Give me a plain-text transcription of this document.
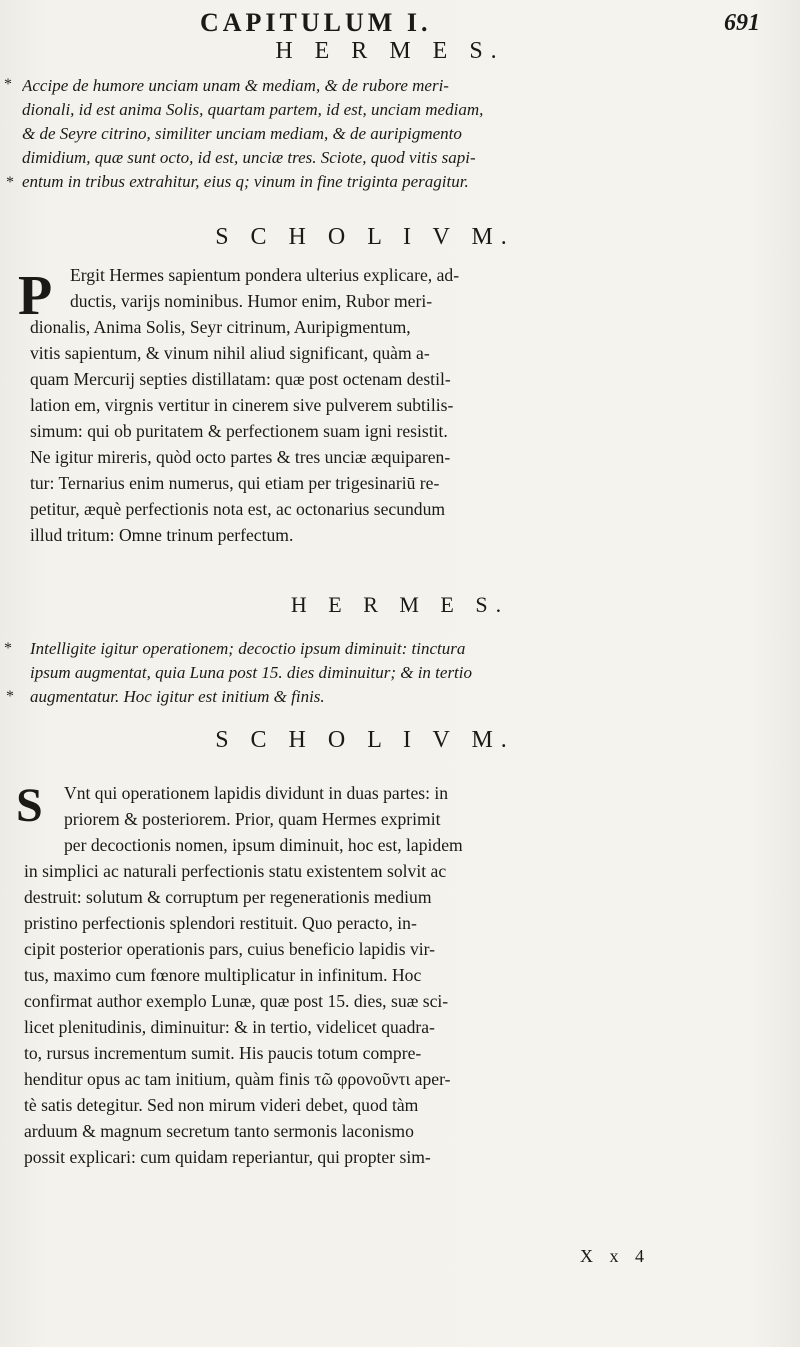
CAPITULUM I.	691
H E R M E S.
Accipe de humore unciam unam & mediam, & de rubore meri-
dionali, id est anima Solis, quartam partem, id est, unciam mediam,
& de Seyre citrino, similiter unciam mediam, & de auripigmento
dimidium, quæ sunt octo, id est, unciæ tres. Sciote, quod vitis sapi-
entum in tribus extrahitur, eius q; vinum in fine triginta peragitur.
S C H O L I V M.
P	Ergit Hermes sapientum pondera ulterius explicare, ad-
ductis, varijs nominibus. Humor enim, Rubor meri-
dionalis, Anima Solis, Seyr citrinum, Auripigmentum,
vitis sapientum, & vinum nihil aliud significant, quàm a-
quam Mercurij septies distillatam: quæ post octenam destil-
lation em, virgnis vertitur in cinerem sive pulverem subtilis-
simum: qui ob puritatem & perfectionem suam igni resistit.
Ne igitur mireris, quòd octo partes & tres unciæ æquiparen-
tur: Ternarius enim numerus, qui etiam per trigesinariū re-
petitur, æquè perfectionis nota est, ac octonarius secundum
illud tritum: Omne trinum perfectum.
H E R M E S.
Intelligite igitur operationem; decoctio ipsum diminuit: tinctura
ipsum augmentat, quia Luna post 15. dies diminuitur; & in tertio
augmentatur. Hoc igitur est initium & finis.
S C H O L I V M.
S	Vnt qui operationem lapidis dividunt in duas partes: in
priorem & posteriorem. Prior, quam Hermes exprimit
per decoctionis nomen, ipsum diminuit, hoc est, lapidem
in simplici ac naturali perfectionis statu existentem solvit ac
destruit: solutum & corruptum per regenerationis medium
pristino perfectionis splendori restituit. Quo peracto, in-
cipit posterior operationis pars, cuius beneficio lapidis vir-
tus, maximo cum fœnore multiplicatur in infinitum. Hoc
confirmat author exemplo Lunæ, quæ post 15. dies, suæ sci-
licet plenitudinis, diminuitur: & in tertio, videlicet quadra-
to, rursus incrementum sumit. His paucis totum compre-
henditur opus ac tam initium, quàm finis τῶ φρονοῦντι aper-
tè satis detegitur. Sed non mirum videri debet, quod tàm
arduum & magnum secretum tanto sermonis laconismo
possit explicari: cum quidam reperiantur, qui propter sim-
X x 4
*
*
*
*
